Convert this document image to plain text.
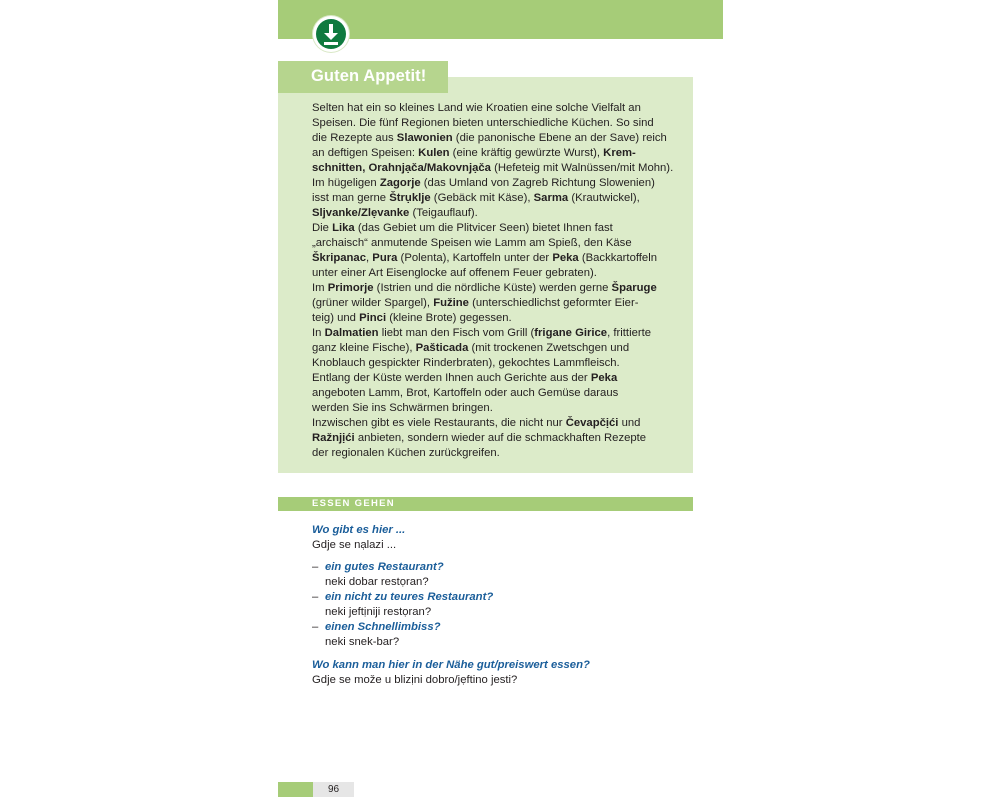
Guten Appetit!
Selten hat ein so kleines Land wie Kroatien eine solche Vielfalt an
Speisen. Die fünf Regionen bieten unterschiedliche Küchen. So sind
die Rezepte aus Slawonien (die panonische Ebene an der Save) reich
an deftigen Speisen: Kulen (eine kräftig gewürzte Wurst), Krem-
schnitten, Orahnjạča/Makovnjạča (Hefeteig mit Walnüssen/mit Mohn).
Im hügeligen Zagorje (das Umland von Zagreb Richtung Slowenien)
isst man gerne Štrụklje (Gebäck mit Käse), Sarma (Krautwickel),
Sljvanke/Zlẹvanke (Teigauflauf).
Die Lika (das Gebiet um die Plitvicer Seen) bietet Ihnen fast
„archaisch“ anmutende Speisen wie Lamm am Spieß, den Käse
Škripanac, Pura (Polenta), Kartoffeln unter der Peka (Backkartoffeln
unter einer Art Eisenglocke auf offenem Feuer gebraten).
Im Primorje (Istrien und die nördliche Küste) werden gerne Šparuge
(grüner wilder Spargel), Fužine (unterschiedlichst geformter Eier-
teig) und Pinci (kleine Brote) gegessen.
In Dalmatien liebt man den Fisch vom Grill (frigane Girice, frittierte
ganz kleine Fische), Pašticada (mit trockenen Zwetschgen und
Knoblauch gespickter Rinderbraten), gekochtes Lammfleisch.
Entlang der Küste werden Ihnen auch Gerichte aus der Peka
angeboten Lamm, Brot, Kartoffeln oder auch Gemüse daraus
werden Sie ins Schwärmen bringen.
Inzwischen gibt es viele Restaurants, die nicht nur Čevapčịći und
Ražnjịći anbieten, sondern wieder auf die schmackhaften Rezepte
der regionalen Küchen zurückgreifen.
ESSEN GEHEN
Wo gibt es hier ...
Gdje se nạlazi ...
– ein gutes Restaurant?
neki dobar restọran?
– ein nicht zu teures Restaurant?
neki jeftịniji restọran?
– einen Schnellimbiss?
neki snek-bar?
Wo kann man hier in der Nähe gut/preiswert essen?
Gdje se može u blizịni dobro/jẹftino jesti?
96
